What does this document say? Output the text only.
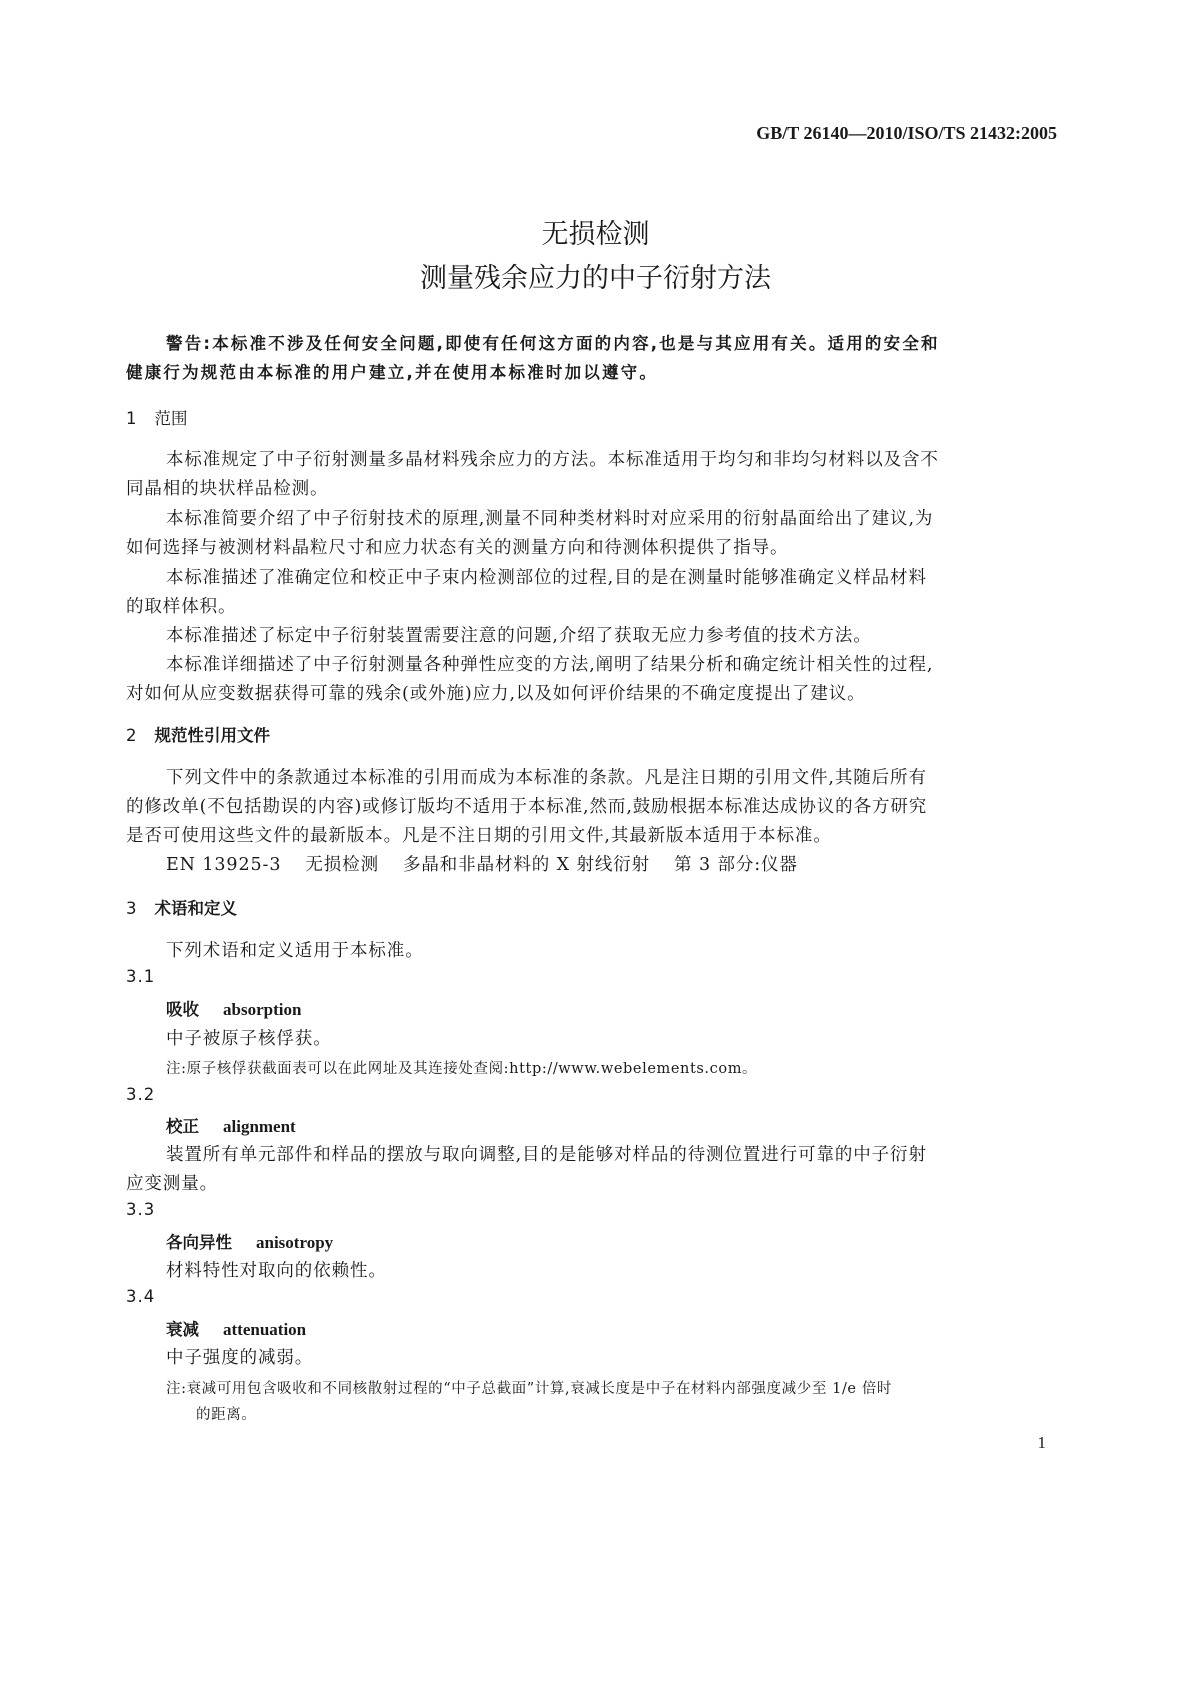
GB/T 26140—2010/ISO/TS 21432:2005
无损检测
测量残余应力的中子衍射方法
警告:本标准不涉及任何安全问题,即使有任何这方面的内容,也是与其应用有关。适用的安全和
健康行为规范由本标准的用户建立,并在使用本标准时加以遵守。
1 范围
本标准规定了中子衍射测量多晶材料残余应力的方法。本标准适用于均匀和非均匀材料以及含不
同晶相的块状样品检测。
本标准简要介绍了中子衍射技术的原理,测量不同种类材料时对应采用的衍射晶面给出了建议,为
如何选择与被测材料晶粒尺寸和应力状态有关的测量方向和待测体积提供了指导。
本标准描述了准确定位和校正中子束内检测部位的过程,目的是在测量时能够准确定义样品材料
的取样体积。
本标准描述了标定中子衍射装置需要注意的问题,介绍了获取无应力参考值的技术方法。
本标准详细描述了中子衍射测量各种弹性应变的方法,阐明了结果分析和确定统计相关性的过程,
对如何从应变数据获得可靠的残余(或外施)应力,以及如何评价结果的不确定度提出了建议。
2 规范性引用文件
下列文件中的条款通过本标准的引用而成为本标准的条款。凡是注日期的引用文件,其随后所有
的修改单(不包括勘误的内容)或修订版均不适用于本标准,然而,鼓励根据本标准达成协议的各方研究
是否可使用这些文件的最新版本。凡是不注日期的引用文件,其最新版本适用于本标准。
EN 13925-3 无损检测 多晶和非晶材料的 X 射线衍射 第 3 部分:仪器
3 术语和定义
下列术语和定义适用于本标准。
3.1
吸收 absorption
中子被原子核俘获。
注:原子核俘获截面表可以在此网址及其连接处查阅:http://www.webelements.com。
3.2
校正 alignment
装置所有单元部件和样品的摆放与取向调整,目的是能够对样品的待测位置进行可靠的中子衍射
应变测量。
3.3
各向异性 anisotropy
材料特性对取向的依赖性。
3.4
衰减 attenuation
中子强度的减弱。
注:衰减可用包含吸收和不同核散射过程的“中子总截面”计算,衰减长度是中子在材料内部强度减少至 1/e 倍时
的距离。
1
